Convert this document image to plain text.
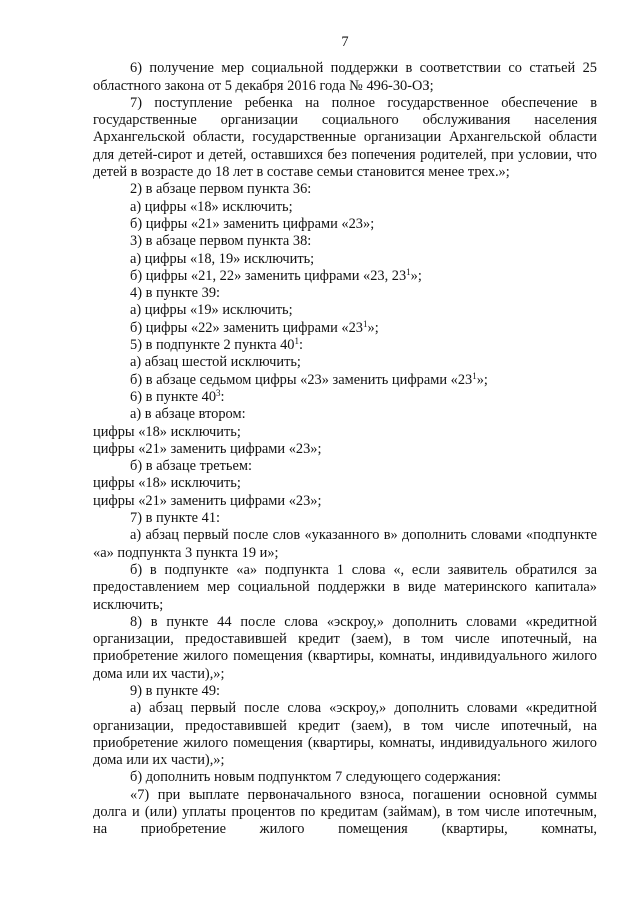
7

6) получение мер социальной поддержки в соответствии со статьей 25 областного закона от 5 декабря 2016 года № 496-30-ОЗ;

7) поступление ребенка на полное государственное обеспечение в государственные организации социального обслуживания населения Архангельской области, государственные организации Архангельской области для детей-сирот и детей, оставшихся без попечения родителей, при условии, что детей в возрасте до 18 лет в составе семьи становится менее трех.»;

2) в абзаце первом пункта 36:

а) цифры «18» исключить;

б) цифры «21» заменить цифрами «23»;

3) в абзаце первом пункта 38:

а) цифры «18, 19» исключить;

б) цифры «21, 22» заменить цифрами «23, $23^1$»;

4) в пункте 39:

а) цифры «19» исключить;

б) цифры «22» заменить цифрами «$23^1$»;

5) в подпункте 2 пункта $40^1$:

а) абзац шестой исключить;

б) в абзаце седьмом цифры «23» заменить цифрами «$23^1$»;

6) в пункте $40^3$:

а) в абзаце втором:

цифры «18» исключить;

цифры «21» заменить цифрами «23»;

б) в абзаце третьем:

цифры «18» исключить;

цифры «21» заменить цифрами «23»;

7) в пункте 41:

а) абзац первый после слов «указанного в» дополнить словами «подпункте «а» подпункта 3 пункта 19 и»;

б) в подпункте «а» подпункта 1 слова «, если заявитель обратился за предоставлением мер социальной поддержки в виде материнского капитала» исключить;

8) в пункте 44 после слова «эскроу,» дополнить словами «кредитной организации, предоставившей кредит (заем), в том числе ипотечный, на приобретение жилого помещения (квартиры, комнаты, индивидуального жилого дома или их части),»;

9) в пункте 49:

а) абзац первый после слова «эскроу,» дополнить словами «кредитной организации, предоставившей кредит (заем), в том числе ипотечный, на приобретение жилого помещения (квартиры, комнаты, индивидуального жилого дома или их части),»;

б) дополнить новым подпунктом 7 следующего содержания:

«7) при выплате первоначального взноса, погашении основной суммы долга и (или) уплаты процентов по кредитам (займам), в том числе ипотечным, на приобретение жилого помещения (квартиры, комнаты,
